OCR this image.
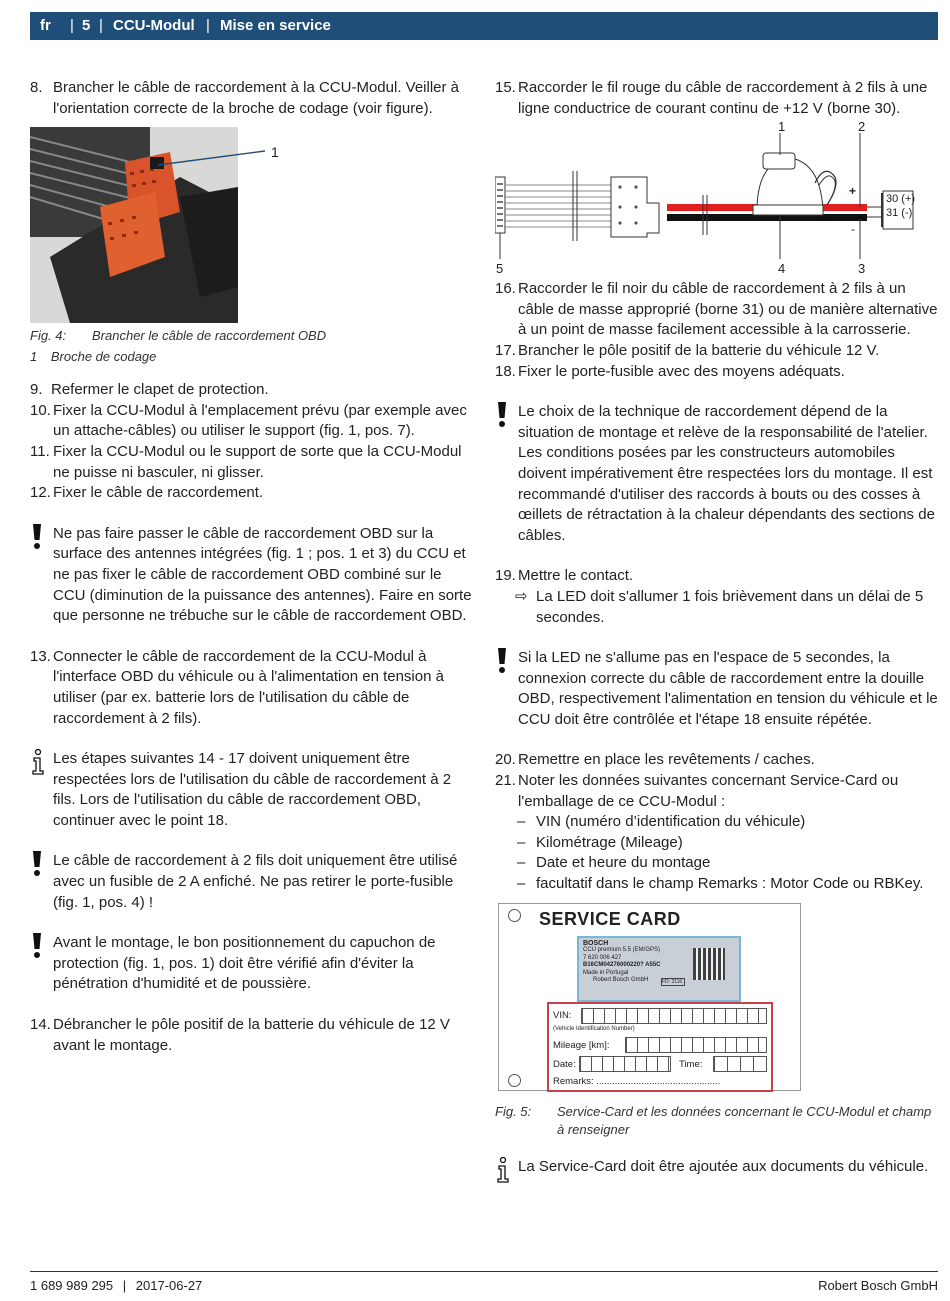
fr | 5 | CCU-Modul | Mise en service
8. Brancher le câble de raccordement à la CCU-Modul. Veiller à l'orientation correcte de la broche de codage (voir figure).
1
Fig. 4: Brancher le câble de raccordement OBD
1 Broche de codage
9. Refermer le clapet de protection.
10. Fixer la CCU-Modul à l'emplacement prévu (par exemple avec un attache-câbles) ou utiliser le support (fig. 1, pos. 7).
11. Fixer la CCU-Modul ou le support de sorte que la CCU-Modul ne puisse ni basculer, ni glisser.
12. Fixer le câble de raccordement.
Ne pas faire passer le câble de raccordement OBD sur la surface des antennes intégrées (fig. 1 ; pos. 1 et 3) du CCU et ne pas fixer le câble de raccordement OBD combiné sur le CCU (diminution de la puissance des antennes). Faire en sorte que personne ne trébuche sur le câble de raccordement OBD.
13. Connecter le câble de raccordement de la CCU-Modul à l'interface OBD du véhicule ou à l'alimentation en tension à utiliser (par ex. batterie lors de l'utilisation du câble de raccordement à 2 fils).
Les étapes suivantes 14 - 17 doivent uniquement être respectées lors de l'utilisation du câble de raccordement à 2 fils. Lors de l'utilisation du câble de raccordement OBD, continuer avec le point 18.
Le câble de raccordement à 2 fils doit uniquement être utilisé avec un fusible de 2 A enfiché. Ne pas retirer le porte-fusible (fig. 1, pos. 4) !
Avant le montage, le bon positionnement du capuchon de protection (fig. 1, pos. 1) doit être vérifié afin d'éviter la pénétration d'humidité et de poussière.
14. Débrancher le pôle positif de la batterie du véhicule de 12 V avant le montage.
15. Raccorder le fil rouge du câble de raccordement à 2 fils à une ligne conductrice de courant continu de +12 V (borne 30).
1	2
3
4
5
+
-
30 (+)
31 (-)
16. Raccorder le fil noir du câble de raccordement à 2 fils à un câble de masse approprié (borne 31) ou de manière alternative à un point de masse facilement accessible à la carrosserie.
17. Brancher le pôle positif de la batterie du véhicule 12 V.
18. Fixer le porte-fusible avec des moyens adéquats.
Le choix de la technique de raccordement dépend de la situation de montage et relève de la responsabilité de l'atelier. Les conditions posées par les constructeurs automobiles doivent impérativement être respectées lors du montage. Il est recommandé d'utiliser des raccords à bouts ou des cosses à œillets de rétractation à la chaleur dépendants des sections de câbles.
19. Mettre le contact.
⇨ La LED doit s'allumer 1 fois brièvement dans un délai de 5 secondes.
Si la LED ne s'allume pas en l'espace de 5 secondes, la connexion correcte du câble de raccordement entre la douille OBD, respectivement l'alimentation en tension du véhicule et le CCU doit être contrôlée et l'étape 18 ensuite répétée.
20. Remettre en place les revêtements / caches.
21. Noter les données suivantes concernant Service-Card ou l'emballage de ce CCU-Modul :
– VIN (numéro d’identification du véhicule)
– Kilométrage (Mileage)
– Date et heure du montage
– facultatif dans le champ Remarks : Motor Code ou RBKey.
SERVICE CARD
BOSCH
CCU premium 5.5 (EM/GPS)
7 620 006 427
B16CM04276000220? A55C
Made in Portugal
Robert Bosch GmbH	FD: 3116
VIN:
(Vehicle Identification Number)
Mileage [km]:
Date:	Time:
Remarks: ...............................................
Fig. 5: Service-Card et les données concernant le CCU-Modul et champ à renseigner
La Service-Card doit être ajoutée aux documents du véhicule.
1 689 989 295 | 2017-06-27	Robert Bosch GmbH
